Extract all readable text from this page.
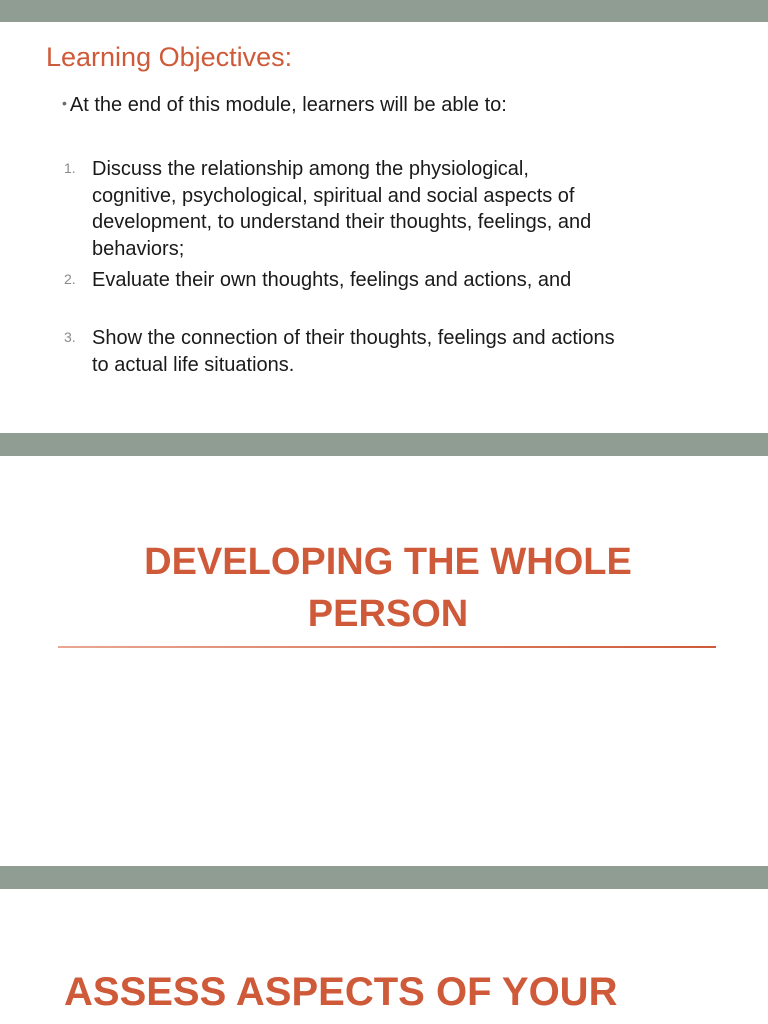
Learning Objectives:
• At the end of this module, learners will be able to:
1. Discuss the relationship among the physiological,
cognitive, psychological, spiritual and social aspects of
development, to understand their thoughts, feelings, and
behaviors;
2. Evaluate their own thoughts, feelings and actions, and
3. Show the connection of their thoughts, feelings and actions
to actual life situations.
DEVELOPING THE WHOLE
PERSON
ASSESS ASPECTS OF YOUR
